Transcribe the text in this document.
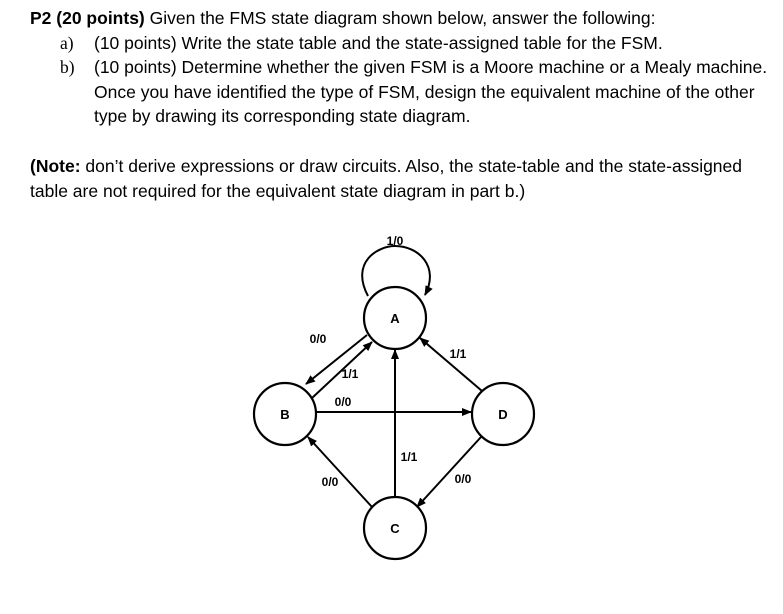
P2 (20 points) Given the FMS state diagram shown below, answer the following:
a)	(10 points) Write the state table and the state-assigned table for the FSM.
b)	(10 points) Determine whether the given FSM is a Moore machine or a Mealy machine. Once you have identified the type of FSM, design the equivalent machine of the other type by drawing its corresponding state diagram.
(Note: don’t derive expressions or draw circuits. Also, the state-table and the state-assigned table are not required for the equivalent state diagram in part b.)
A
B
C
D
1/0
0/0
1/1
0/0
1/1
0/0
1/1
0/0
